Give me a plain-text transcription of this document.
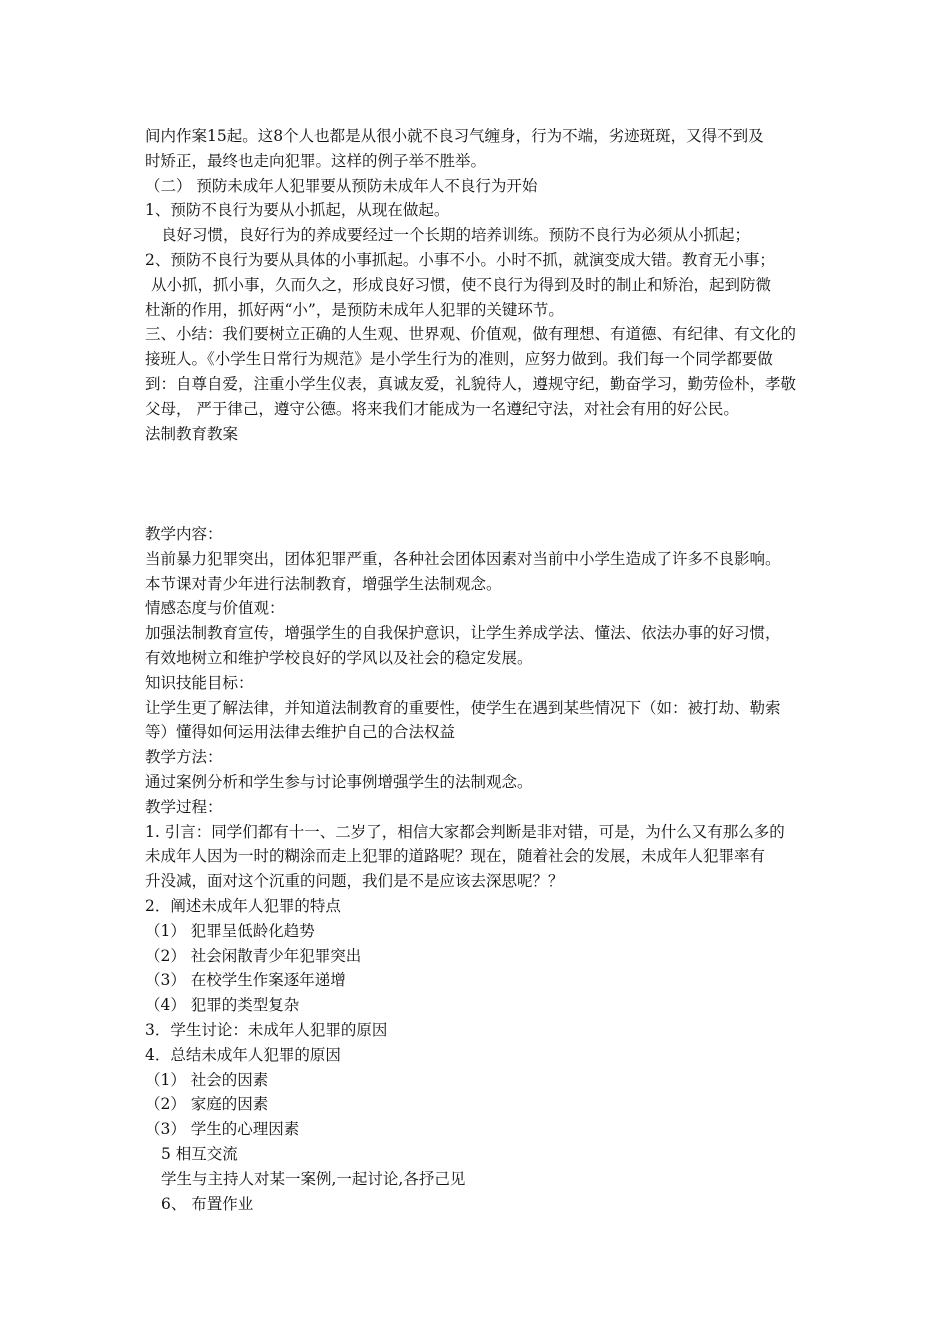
间内作案15起。这8个人也都是从很小就不良习气缠身，行为不端，劣迹斑斑，又得不到及
时矫正，最终也走向犯罪。这样的例子举不胜举。
（二） 预防未成年人犯罪要从预防未成年人不良行为开始
1、预防不良行为要从小抓起，从现在做起。
良好习惯，良好行为的养成要经过一个长期的培养训练。预防不良行为必须从小抓起；
2、预防不良行为要从具体的小事抓起。小事不小。小时不抓，就演变成大错。教育无小事；
从小抓，抓小事，久而久之，形成良好习惯，使不良行为得到及时的制止和矫治，起到防微
杜渐的作用，抓好两“小”，是预防未成年人犯罪的关键环节。
三、小结：我们要树立正确的人生观、世界观、价值观，做有理想、有道德、有纪律、有文化的
接班人。《小学生日常行为规范》是小学生行为的准则，应努力做到。我们每一个同学都要做
到：自尊自爱，注重小学生仪表，真诚友爱，礼貌待人，遵规守纪，勤奋学习，勤劳俭朴，孝敬
父母， 严于律己，遵守公德。将来我们才能成为一名遵纪守法，对社会有用的好公民。
法制教育教案
教学内容：
当前暴力犯罪突出，团体犯罪严重，各种社会团体因素对当前中小学生造成了许多不良影响。
本节课对青少年进行法制教育，增强学生法制观念。
情感态度与价值观：
加强法制教育宣传，增强学生的自我保护意识，让学生养成学法、懂法、依法办事的好习惯，
有效地树立和维护学校良好的学风以及社会的稳定发展。
知识技能目标：
让学生更了解法律，并知道法制教育的重要性，使学生在遇到某些情况下（如：被打劫、勒索
等）懂得如何运用法律去维护自己的合法权益
教学方法：
通过案例分析和学生参与讨论事例增强学生的法制观念。
教学过程：
1. 引言：同学们都有十一、二岁了，相信大家都会判断是非对错，可是，为什么又有那么多的
未成年人因为一时的糊涂而走上犯罪的道路呢？现在，随着社会的发展，未成年人犯罪率有
升没减，面对这个沉重的问题，我们是不是应该去深思呢？？
2．阐述未成年人犯罪的特点
（1） 犯罪呈低龄化趋势
（2） 社会闲散青少年犯罪突出
（3） 在校学生作案逐年递增
（4） 犯罪的类型复杂
3．学生讨论：未成年人犯罪的原因
4．总结未成年人犯罪的原因
（1） 社会的因素
（2） 家庭的因素
（3） 学生的心理因素
5 相互交流
学生与主持人对某一案例,一起讨论,各抒己见
6、 布置作业
